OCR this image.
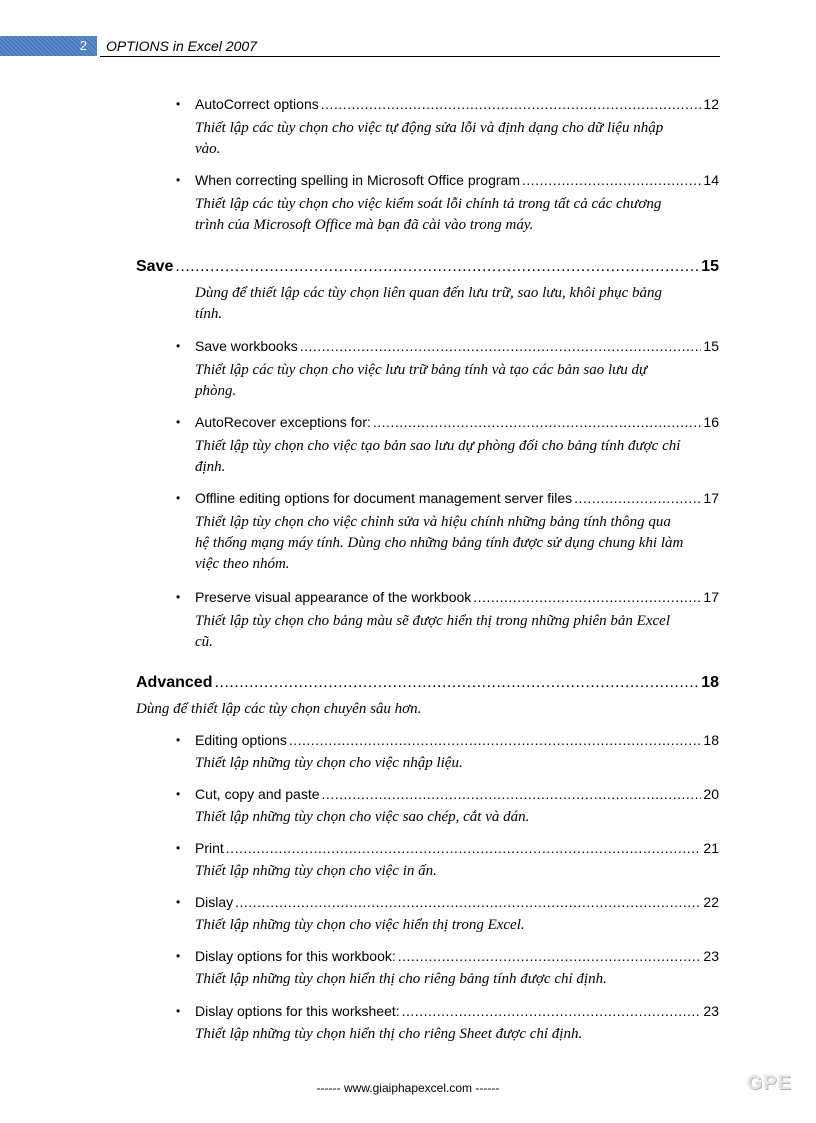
2	OPTIONS in Excel 2007
•	AutoCorrect options .....	12
Thiết lập các tùy chọn cho việc tự động sửa lỗi và định dạng cho dữ liệu nhập vào.
•	When correcting spelling in Microsoft Office program .....	14
Thiết lập các tùy chọn cho việc kiểm soát lỗi chính tả trong tất cả các chương trình của Microsoft Office mà bạn đã cài vào trong máy.
Save .....	15
Dùng để thiết lập các tùy chọn liên quan đến lưu trữ, sao lưu, khôi phục bảng tính.
•	Save workbooks .....	15
Thiết lập các tùy chọn cho việc lưu trữ bảng tính và tạo các bản sao lưu dự phòng.
•	AutoRecover exceptions for: .....	16
Thiết lập tùy chọn cho việc tạo bản sao lưu dự phòng đối cho bảng tính được chỉ định.
•	Offline editing options for document management server files .....	17
Thiết lập tùy chọn cho việc chỉnh sửa và hiệu chính những bảng tính thông qua hệ thống mạng máy tính. Dùng cho những bảng tính được sử dụng chung khi làm việc theo nhóm.
•	Preserve visual appearance of the workbook .....	17
Thiết lập tùy chọn cho bảng màu sẽ được hiển thị trong những phiên bản Excel cũ.
Advanced .....	18
Dùng để thiết lập các tùy chọn chuyên sâu hơn.
•	Editing options .....	18
Thiết lập những tùy chọn cho việc nhập liệu.
•	Cut, copy and paste .....	20
Thiết lập những tùy chọn cho việc sao chép, cắt và dán.
•	Print .....	21
Thiết lập những tùy chọn cho việc in ấn.
•	Dislay .....	22
Thiết lập những tùy chọn cho việc hiển thị trong Excel.
•	Dislay options for this workbook: .....	23
Thiết lập những tùy chọn hiển thị cho riêng bảng tính được chỉ định.
•	Dislay options for this worksheet: .....	23
Thiết lập những tùy chọn hiển thị cho riêng Sheet được chỉ định.
------ www.giaiphapexcel.com ------	GPE
